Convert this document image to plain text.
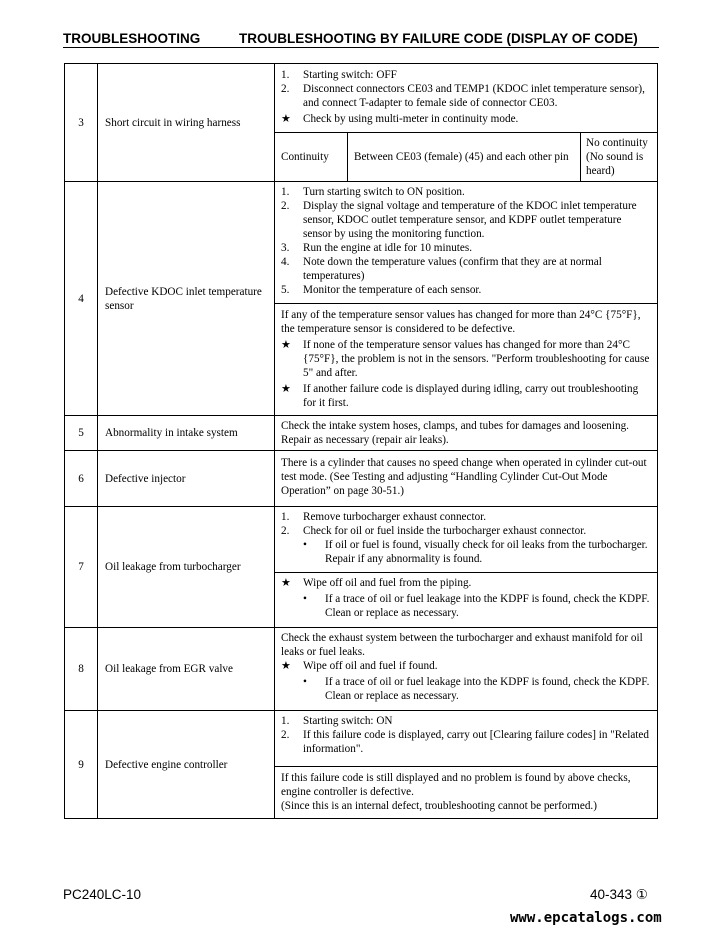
TROUBLESHOOTING	TROUBLESHOOTING BY FAILURE CODE (DISPLAY OF CODE)
3	Short circuit in wiring harness	
1. Starting switch: OFF
2. Disconnect connectors CE03 and TEMP1 (KDOC inlet temperature sensor), and connect T-adapter to female side of connector CE03.
★ Check by using multi-meter in continuity mode.
Continuity	Between CE03 (female) (45) and each other pin	No continuity (No sound is heard)

4	Defective KDOC inlet temperature sensor	
1. Turn starting switch to ON position.
2. Display the signal voltage and temperature of the KDOC inlet temperature sensor, KDOC outlet temperature sensor, and KDPF outlet temperature sensor by using the monitoring function.
3. Run the engine at idle for 10 minutes.
4. Note down the temperature values (confirm that they are at normal temperatures)
5. Monitor the temperature of each sensor.
If any of the temperature sensor values has changed for more than 24°C {75°F}, the temperature sensor is considered to be defective.
★ If none of the temperature sensor values has changed for more than 24°C {75°F}, the problem is not in the sensors. "Perform troubleshooting for cause 5" and after.
★ If another failure code is displayed during idling, carry out troubleshooting for it first.

5	Abnormality in intake system	Check the intake system hoses, clamps, and tubes for damages and loosening. Repair as necessary (repair air leaks).
6	Defective injector	There is a cylinder that causes no speed change when operated in cylinder cut-out test mode. (See Testing and adjusting “Handling Cylinder Cut-Out Mode Operation” on page 30-51.)
7	Oil leakage from turbocharger	
1. Remove turbocharger exhaust connector.
2. Check for oil or fuel inside the turbocharger exhaust connector.
• If oil or fuel is found, visually check for oil leaks from the turbocharger. Repair if any abnormality is found.
★ Wipe off oil and fuel from the piping.
• If a trace of oil or fuel leakage into the KDPF is found, check the KDPF. Clean or replace as necessary.

8	Oil leakage from EGR valve	
Check the exhaust system between the turbocharger and exhaust manifold for oil leaks or fuel leaks.
★ Wipe off oil and fuel if found.
• If a trace of oil or fuel leakage into the KDPF is found, check the KDPF. Clean or replace as necessary.

9	Defective engine controller	
1. Starting switch: ON
2. If this failure code is displayed, carry out [Clearing failure codes] in "Related information".
If this failure code is still displayed and no problem is found by above checks, engine controller is defective.
(Since this is an internal defect, troubleshooting cannot be performed.)
PC240LC-10	40-343 ①
www.epcatalogs.com
